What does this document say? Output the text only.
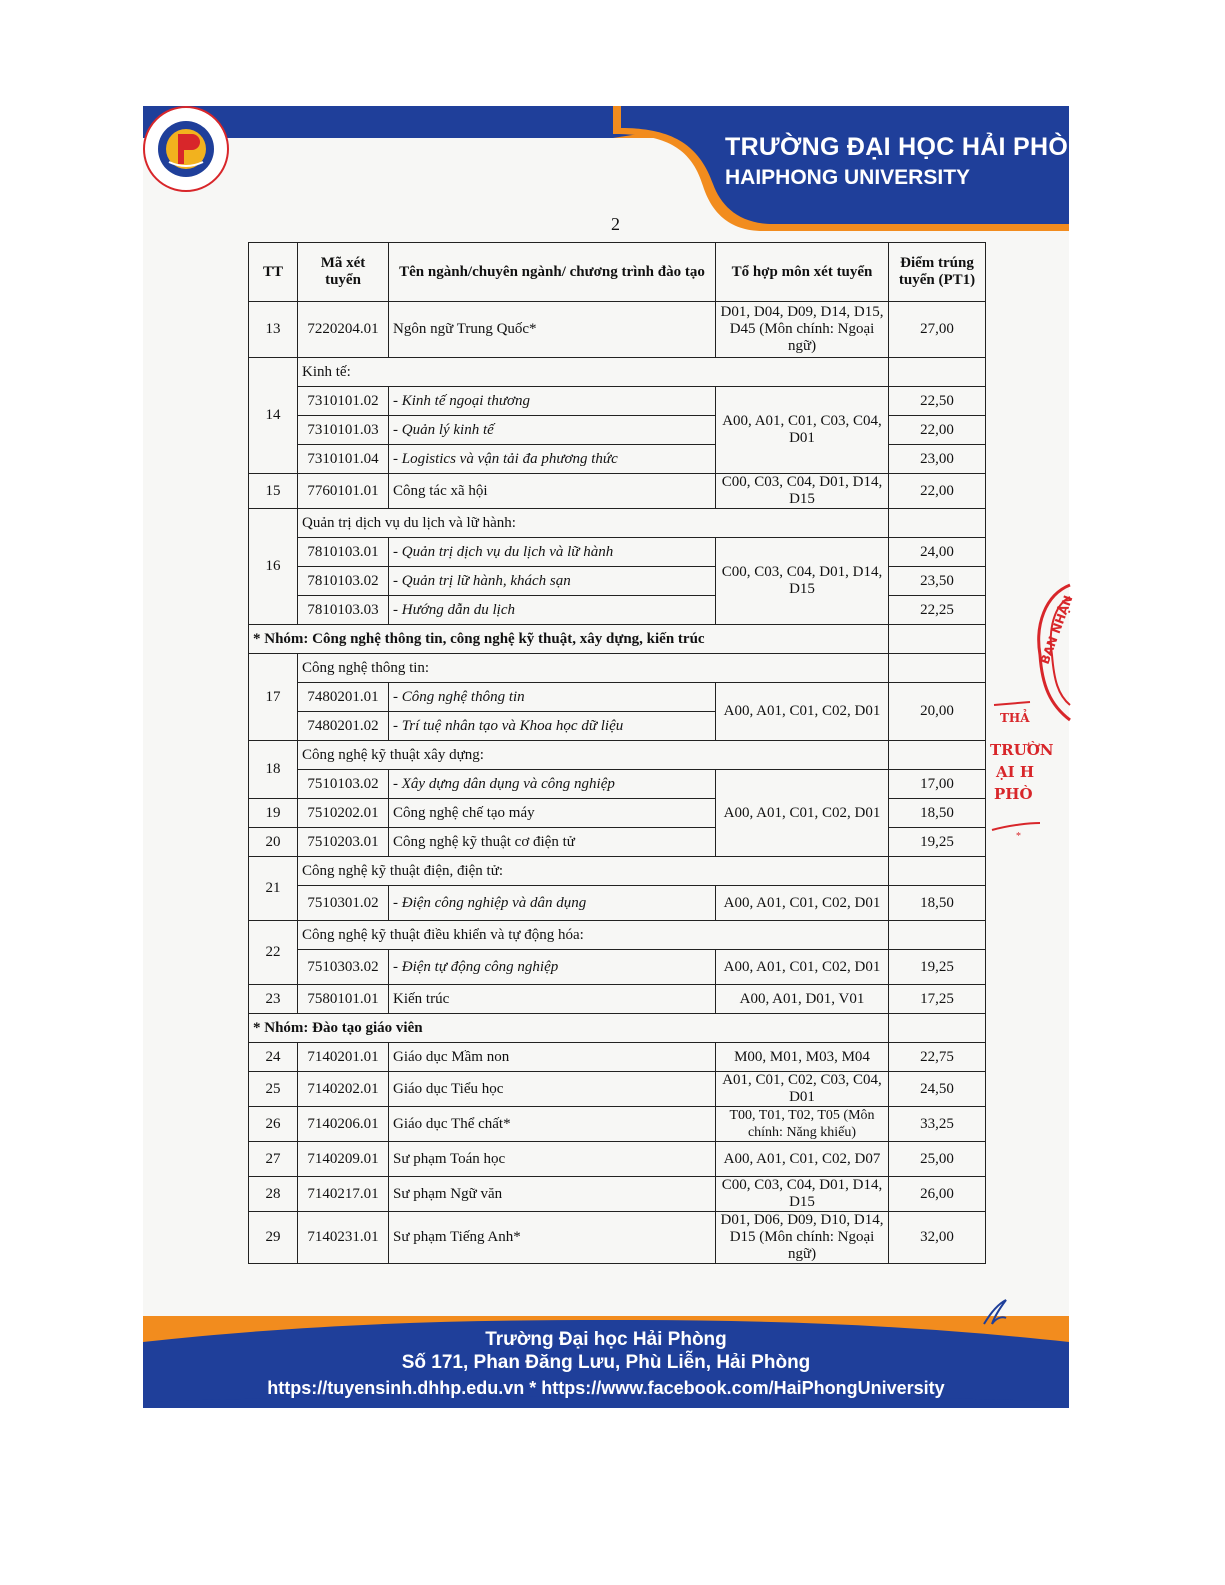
TRƯỜNG ĐẠI HỌC HẢI PHÒNG
HAIPHONG UNIVERSITY
2
TT	Mã xét tuyển	Tên ngành/chuyên ngành/ chương trình đào tạo	Tổ hợp môn xét tuyển	Điểm trúng tuyển (PT1)
13	7220204.01	Ngôn ngữ Trung Quốc*	D01, D04, D09, D14, D15, D45 (Môn chính: Ngoại ngữ)	27,00
14	Kinh tế:			
	7310101.02	- Kinh tế ngoại thương	A00, A01, C01, C03, C04, D01	22,50
	7310101.03	- Quản lý kinh tế		22,00
	7310101.04	- Logistics và vận tải đa phương thức		23,00
15	7760101.01	Công tác xã hội	C00, C03, C04, D01, D14, D15	22,00
16	Quản trị dịch vụ du lịch và lữ hành:			
	7810103.01	- Quản trị dịch vụ du lịch và lữ hành	C00, C03, C04, D01, D14, D15	24,00
	7810103.02	- Quản trị lữ hành, khách sạn		23,50
	7810103.03	- Hướng dẫn du lịch		22,25
* Nhóm: Công nghệ thông tin, công nghệ kỹ thuật, xây dựng, kiến trúc				
17	Công nghệ thông tin:			
	7480201.01	- Công nghệ thông tin	A00, A01, C01, C02, D01	20,00
	7480201.02	- Trí tuệ nhân tạo và Khoa học dữ liệu		
18	Công nghệ kỹ thuật xây dựng:			
	7510103.02	- Xây dựng dân dụng và công nghiệp	A00, A01, C01, C02, D01	17,00
19	7510202.01	Công nghệ chế tạo máy		18,50
20	7510203.01	Công nghệ kỹ thuật cơ điện tử		19,25
21	Công nghệ kỹ thuật điện, điện tử:			
	7510301.02	- Điện công nghiệp và dân dụng	A00, A01, C01, C02, D01	18,50
22	Công nghệ kỹ thuật điều khiển và tự động hóa:			
	7510303.02	- Điện tự động công nghiệp	A00, A01, C01, C02, D01	19,25
23	7580101.01	Kiến trúc	A00, A01, D01, V01	17,25
* Nhóm: Đào tạo giáo viên				
24	7140201.01	Giáo dục Mầm non	M00, M01, M03, M04	22,75
25	7140202.01	Giáo dục Tiểu học	A01, C01, C02, C03, C04, D01	24,50
26	7140206.01	Giáo dục Thể chất*	T00, T01, T02, T05 (Môn chính: Năng khiếu)	33,25
27	7140209.01	Sư phạm Toán học	A00, A01, C01, C02, D07	25,00
28	7140217.01	Sư phạm Ngữ văn	C00, C03, C04, D01, D14, D15	26,00
29	7140231.01	Sư phạm Tiếng Anh*	D01, D06, D09, D10, D14, D15 (Môn chính: Ngoại ngữ)	32,00
Trường Đại học Hải Phòng
Số 171, Phan Đăng Lưu, Phù Liễn, Hải Phòng
https://tuyensinh.dhhp.edu.vn * https://www.facebook.com/HaiPhongUniversity
BAN NHẬN
THẢ
TRƯỜN
ẠI H
PHÒ
*
